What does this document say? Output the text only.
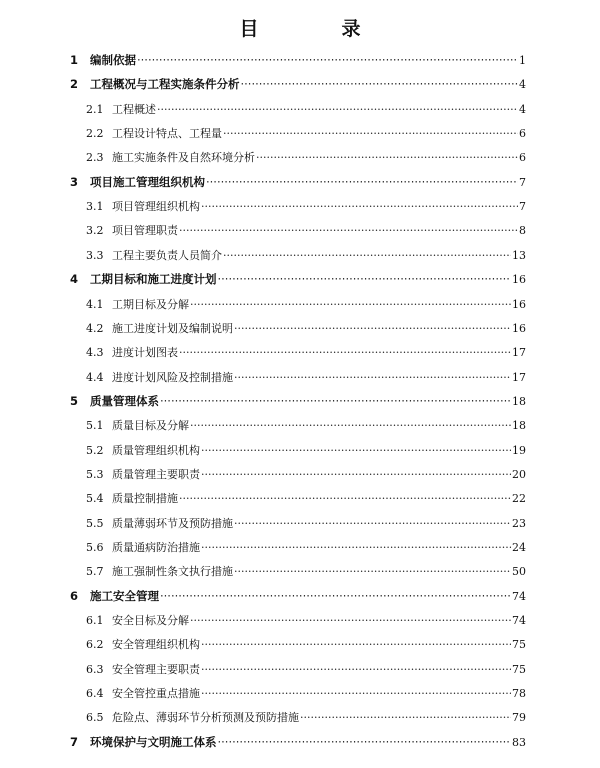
目　录
1	编制依据 ·····	1
2	工程概况与工程实施条件分析 ·····	4
2.1 工程概述 ·····	4
2.2 工程设计特点、工程量 ·····	6
2.3 施工实施条件及自然环境分析 ·····	6
3	项目施工管理组织机构 ·····	7
3.1 项目管理组织机构 ·····	7
3.2 项目管理职责 ·····	8
3.3 工程主要负责人员简介 ·····	13
4	工期目标和施工进度计划 ·····	16
4.1 工期目标及分解 ·····	16
4.2 施工进度计划及编制说明 ·····	16
4.3 进度计划图表 ·····	17
4.4 进度计划风险及控制措施 ·····	17
5	质量管理体系 ·····	18
5.1 质量目标及分解 ·····	18
5.2 质量管理组织机构 ·····	19
5.3 质量管理主要职责 ·····	20
5.4 质量控制措施 ·····	22
5.5 质量薄弱环节及预防措施 ·····	23
5.6 质量通病防治措施 ·····	24
5.7 施工强制性条文执行措施 ·····	50
6	施工安全管理 ·····	74
6.1 安全目标及分解 ·····	74
6.2 安全管理组织机构 ·····	75
6.3 安全管理主要职责 ·····	75
6.4 安全管控重点措施 ·····	78
6.5 危险点、薄弱环节分析预测及预防措施 ·····	79
7	环境保护与文明施工体系 ·····	83
